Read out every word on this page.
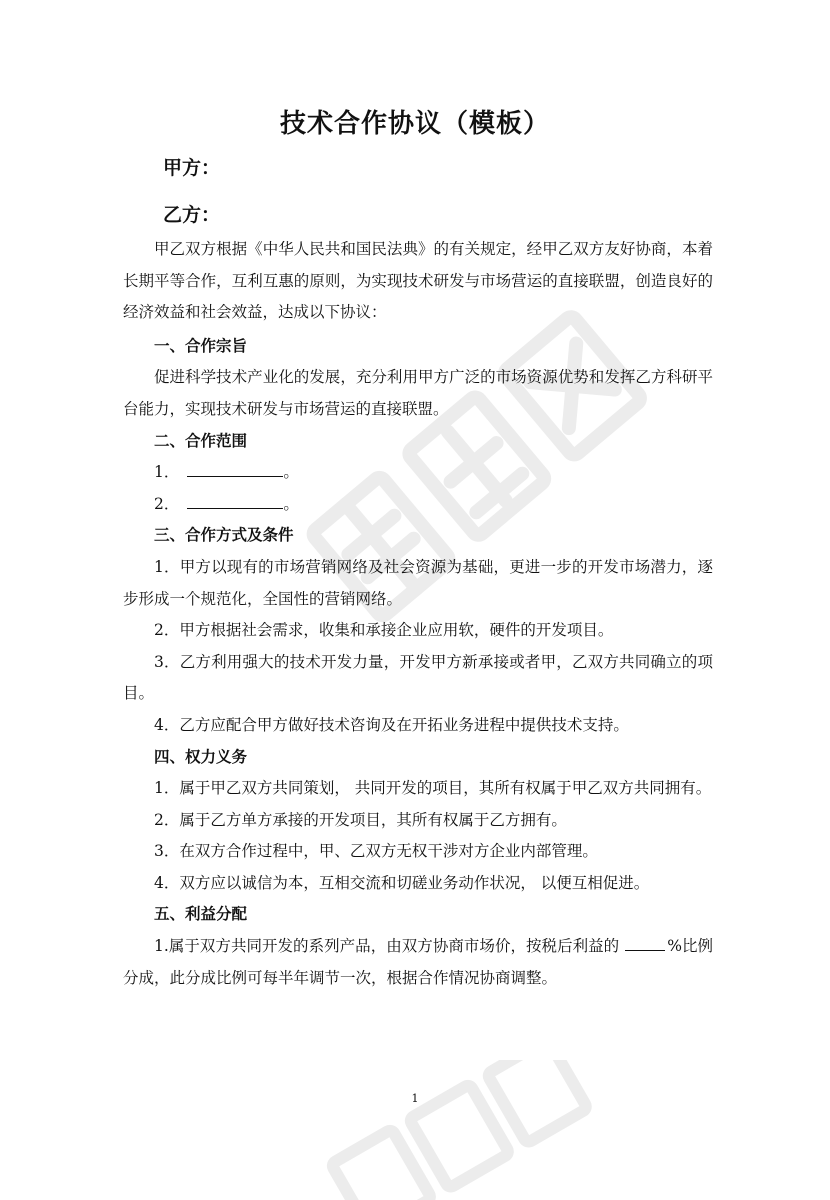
技术合作协议（模板）
甲方：
乙方：

甲乙双方根据《中华人民共和国民法典》的有关规定，经甲乙双方友好协商，本着长期平等合作，互利互惠的原则，为实现技术研发与市场营运的直接联盟，创造良好的经济效益和社会效益，达成以下协议：

一、合作宗旨

促进科学技术产业化的发展，充分利用甲方广泛的市场资源优势和发挥乙方科研平台能力，实现技术研发与市场营运的直接联盟。

二、合作范围

1．	。

2．	。

三、合作方式及条件

1．甲方以现有的市场营销网络及社会资源为基础，更进一步的开发市场潜力，逐步形成一个规范化，全国性的营销网络。

2．甲方根据社会需求，收集和承接企业应用软，硬件的开发项目。

3．乙方利用强大的技术开发力量，开发甲方新承接或者甲，乙双方共同确立的项目。

4．乙方应配合甲方做好技术咨询及在开拓业务进程中提供技术支持。

四、权力义务

1．属于甲乙双方共同策划， 共同开发的项目，其所有权属于甲乙双方共同拥有。

2．属于乙方单方承接的开发项目，其所有权属于乙方拥有。

3．在双方合作过程中，甲、乙双方无权干涉对方企业内部管理。

4．双方应以诚信为本，互相交流和切磋业务动作状况， 以便互相促进。

五、利益分配

1.属于双方共同开发的系列产品，由双方协商市场价，按税后利益的	%比例分成，此分成比例可每半年调节一次，根据合作情况协商调整。

1
